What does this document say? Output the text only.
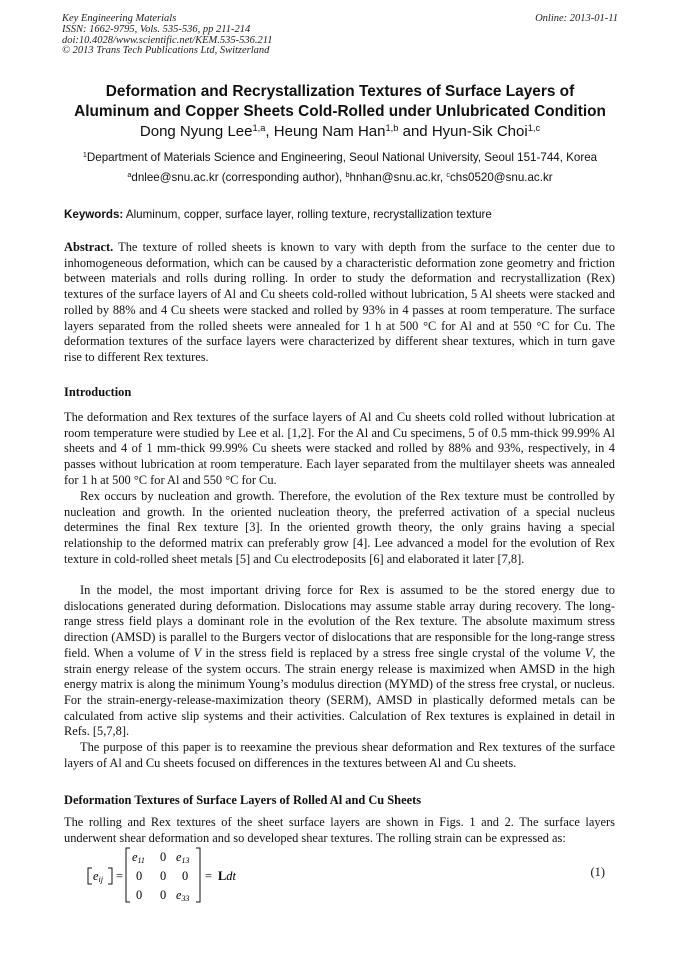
Key Engineering Materials
ISSN: 1662-9795, Vols. 535-536, pp 211-214
doi:10.4028/www.scientific.net/KEM.535-536.211
© 2013 Trans Tech Publications Ltd, Switzerland
Online: 2013-01-11
Deformation and Recrystallization Textures of Surface Layers of
Aluminum and Copper Sheets Cold-Rolled under Unlubricated Condition
Dong Nyung Lee$^{1,a}$, Heung Nam Han$^{1,b}$ and Hyun-Sik Choi$^{1,c}$
$^1$Department of Materials Science and Engineering, Seoul National University, Seoul 151-744, Korea
$^a$dnlee@snu.ac.kr (corresponding author), $^b$hnhan@snu.ac.kr, $^c$chs0520@snu.ac.kr
Keywords: Aluminum, copper, surface layer, rolling texture, recrystallization texture

Abstract. The texture of rolled sheets is known to vary with depth from the surface to the center due to inhomogeneous deformation, which can be caused by a characteristic deformation zone geometry and friction between materials and rolls during rolling. In order to study the deformation and recrystallization (Rex) textures of the surface layers of Al and Cu sheets cold-rolled without lubrication, 5 Al sheets were stacked and rolled by 88% and 4 Cu sheets were stacked and rolled by 93% in 4 passes at room temperature. The surface layers separated from the rolled sheets were annealed for 1 h at 500 °C for Al and at 550 °C for Cu. The deformation textures of the surface layers were characterized by different shear textures, which in turn gave rise to different Rex textures.

Introduction

The deformation and Rex textures of the surface layers of Al and Cu sheets cold rolled without lubrication at room temperature were studied by Lee et al. [1,2]. For the Al and Cu specimens, 5 of 0.5 mm-thick 99.99% Al sheets and 4 of 1 mm-thick 99.99% Cu sheets were stacked and rolled by 88% and 93%, respectively, in 4 passes without lubrication at room temperature. Each layer separated from the multilayer sheets was annealed for 1 h at 500 °C for Al and 550 °C for Cu.

Rex occurs by nucleation and growth. Therefore, the evolution of the Rex texture must be controlled by nucleation and growth. In the oriented nucleation theory, the preferred activation of a special nucleus determines the final Rex texture [3]. In the oriented growth theory, the only grains having a special relationship to the deformed matrix can preferably grow [4]. Lee advanced a model for the evolution of Rex texture in cold-rolled sheet metals [5] and Cu electrodeposits [6] and elaborated it later [7,8].

In the model, the most important driving force for Rex is assumed to be the stored energy due to dislocations generated during deformation. Dislocations may assume stable array during recovery. The long-range stress field plays a dominant role in the evolution of the Rex texture. The absolute maximum stress direction (AMSD) is parallel to the Burgers vector of dislocations that are responsible for the long-range stress field. When a volume of V in the stress field is replaced by a stress free single crystal of the volume V, the strain energy release of the system occurs. The strain energy release is maximized when AMSD in the high energy matrix is along the minimum Young’s modulus direction (MYMD) of the stress free crystal, or nucleus. For the strain-energy-release-maximization theory (SERM), AMSD in plastically deformed metals can be calculated from active slip systems and their activities. Calculation of Rex textures is explained in detail in Refs. [5,7,8].

The purpose of this paper is to reexamine the previous shear deformation and Rex textures of the surface layers of Al and Cu sheets focused on differences in the textures between Al and Cu sheets.

Deformation Textures of Surface Layers of Rolled Al and Cu Sheets

The rolling and Rex textures of the sheet surface layers are shown in Figs. 1 and 2. The surface layers underwent shear deformation and so developed shear textures. The rolling strain can be expressed as:

eij =
e11 0 e13
0 0 0
0 0 e33
= Ldt	(1)
